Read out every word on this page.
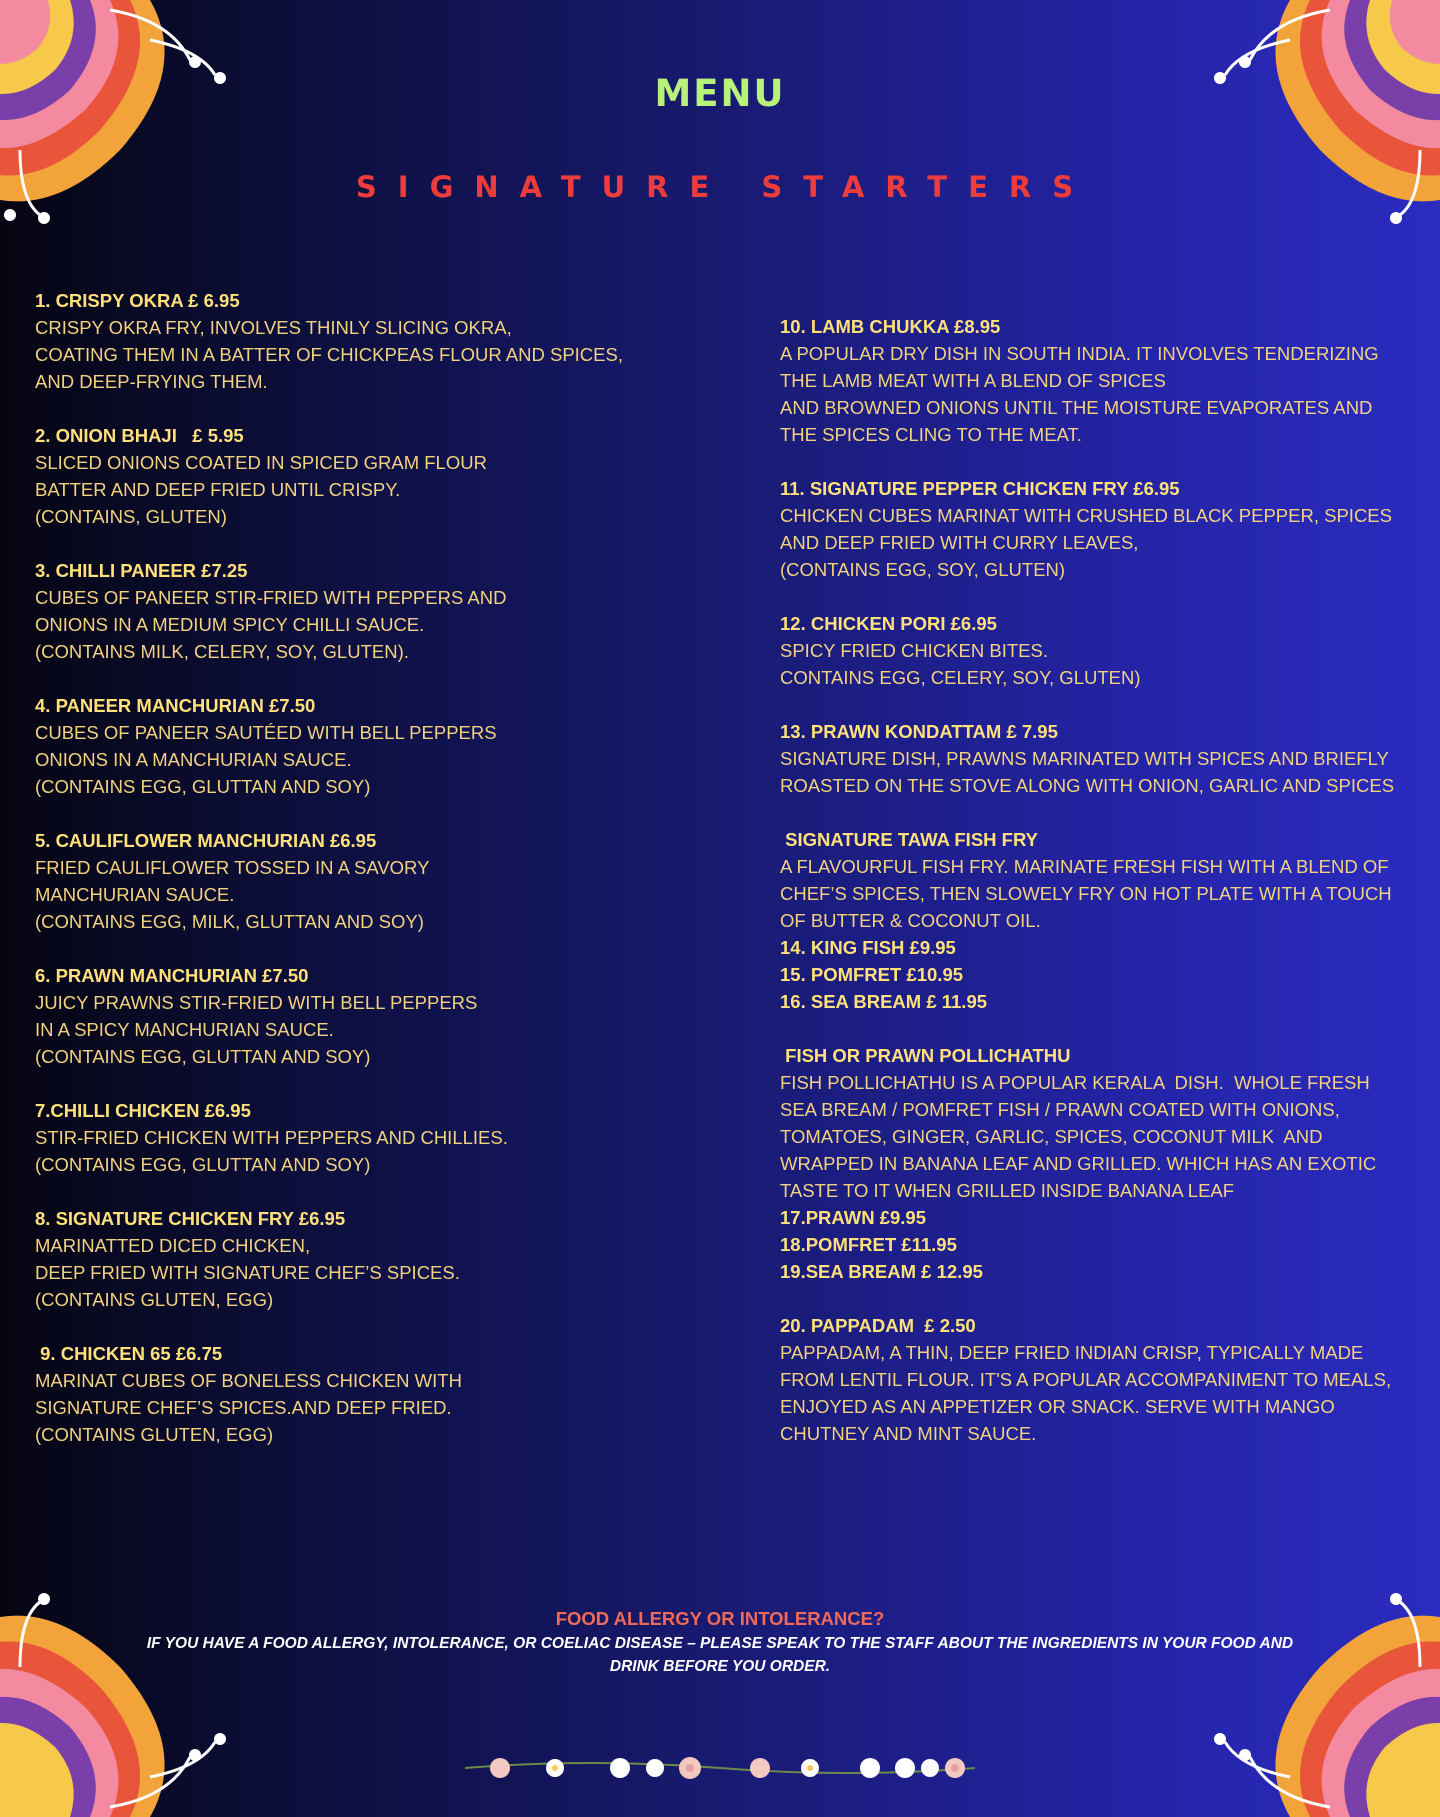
MENU
SIGNATURE STARTERS
1. CRISPY OKRA £ 6.95
CRISPY OKRA FRY, INVOLVES THINLY SLICING OKRA,
COATING THEM IN A BATTER OF CHICKPEAS FLOUR AND SPICES,
AND DEEP-FRYING THEM.
2. ONION BHAJI   £ 5.95
SLICED ONIONS COATED IN SPICED GRAM FLOUR
BATTER AND DEEP FRIED UNTIL CRISPY.
(CONTAINS, GLUTEN)
3. CHILLI PANEER £7.25
CUBES OF PANEER STIR-FRIED WITH PEPPERS AND
ONIONS IN A MEDIUM SPICY CHILLI SAUCE.
(CONTAINS MILK, CELERY, SOY, GLUTEN).
4. PANEER MANCHURIAN £7.50
CUBES OF PANEER SAUTÉED WITH BELL PEPPERS
ONIONS IN A MANCHURIAN SAUCE.
(CONTAINS EGG, GLUTTAN AND SOY)
5. CAULIFLOWER MANCHURIAN £6.95
FRIED CAULIFLOWER TOSSED IN A SAVORY
MANCHURIAN SAUCE.
(CONTAINS EGG, MILK, GLUTTAN AND SOY)
6. PRAWN MANCHURIAN £7.50
JUICY PRAWNS STIR-FRIED WITH BELL PEPPERS
IN A SPICY MANCHURIAN SAUCE.
(CONTAINS EGG, GLUTTAN AND SOY)
7.CHILLI CHICKEN £6.95
STIR-FRIED CHICKEN WITH PEPPERS AND CHILLIES.
(CONTAINS EGG, GLUTTAN AND SOY)
8. SIGNATURE CHICKEN FRY £6.95
MARINATTED DICED CHICKEN,
DEEP FRIED WITH SIGNATURE CHEF’S SPICES.
(CONTAINS GLUTEN, EGG)
9. CHICKEN 65 £6.75
MARINAT CUBES OF BONELESS CHICKEN WITH
SIGNATURE CHEF’S SPICES.AND DEEP FRIED.
(CONTAINS GLUTEN, EGG)
10. LAMB CHUKKA £8.95
A POPULAR DRY DISH IN SOUTH INDIA. IT INVOLVES TENDERIZING
THE LAMB MEAT WITH A BLEND OF SPICES
AND BROWNED ONIONS UNTIL THE MOISTURE EVAPORATES AND
THE SPICES CLING TO THE MEAT.
11. SIGNATURE PEPPER CHICKEN FRY £6.95
CHICKEN CUBES MARINAT WITH CRUSHED BLACK PEPPER, SPICES
AND DEEP FRIED WITH CURRY LEAVES,
(CONTAINS EGG, SOY, GLUTEN)
12. CHICKEN PORI £6.95
SPICY FRIED CHICKEN BITES.
CONTAINS EGG, CELERY, SOY, GLUTEN)
13. PRAWN KONDATTAM £ 7.95
SIGNATURE DISH, PRAWNS MARINATED WITH SPICES AND BRIEFLY
ROASTED ON THE STOVE ALONG WITH ONION, GARLIC AND SPICES
SIGNATURE TAWA FISH FRY
A FLAVOURFUL FISH FRY. MARINATE FRESH FISH WITH A BLEND OF
CHEF’S SPICES, THEN SLOWELY FRY ON HOT PLATE WITH A TOUCH
OF BUTTER & COCONUT OIL.
14. KING FISH £9.95
15. POMFRET £10.95
16. SEA BREAM £ 11.95
FISH OR PRAWN POLLICHATHU
FISH POLLICHATHU IS A POPULAR KERALA  DISH.  WHOLE FRESH
SEA BREAM / POMFRET FISH / PRAWN COATED WITH ONIONS,
TOMATOES, GINGER, GARLIC, SPICES, COCONUT MILK  AND
WRAPPED IN BANANA LEAF AND GRILLED. WHICH HAS AN EXOTIC
TASTE TO IT WHEN GRILLED INSIDE BANANA LEAF
17.PRAWN £9.95
18.POMFRET £11.95
19.SEA BREAM £ 12.95
20. PAPPADAM  £ 2.50
PAPPADAM, A THIN, DEEP FRIED INDIAN CRISP, TYPICALLY MADE
FROM LENTIL FLOUR. IT'S A POPULAR ACCOMPANIMENT TO MEALS,
ENJOYED AS AN APPETIZER OR SNACK. SERVE WITH MANGO
CHUTNEY AND MINT SAUCE.
FOOD ALLERGY OR INTOLERANCE?
IF YOU HAVE A FOOD ALLERGY, INTOLERANCE, OR COELIAC DISEASE – PLEASE SPEAK TO THE STAFF ABOUT THE INGREDIENTS IN YOUR FOOD AND DRINK BEFORE YOU ORDER.
